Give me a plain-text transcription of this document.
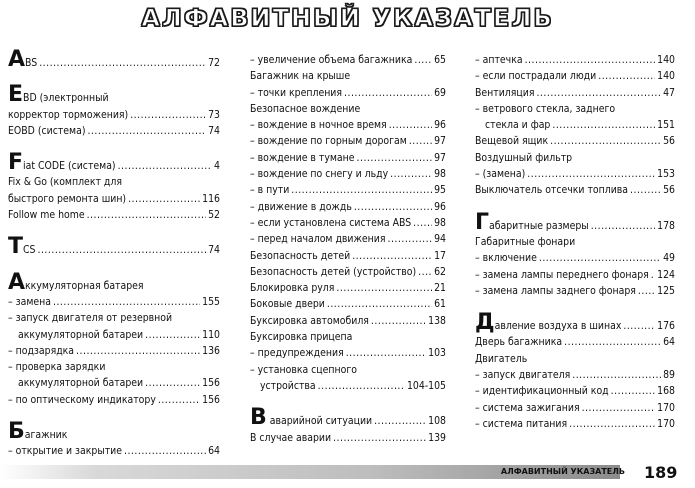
АЛФАВИТНЫЙ УКАЗАТЕЛЬ
ABS .....	72
E BD (электронный
корректор торможения) .....	73
EOBD (система) .....	74
Fiat CODE (система) .....	4
Fix & Go (комплект для
быстрого ремонта шин) .....	116
Follow me home .....	52
TCS .....	74
А ккумуляторная батарея
– замена .....	155
– запуск двигателя от резервной
аккумуляторной батареи .....	110
– подзарядка .....	136
– проверка зарядки
аккумуляторной батареи .....	156
– по оптическому индикатору .....	156
Б агажник
– открытие и закрытие .....	64
– увеличение объема багажника ..... 65
Багажник на крыше
– точки крепления .....	69
Безопасное вождение
– вождение в ночное время .....	96
– вождение по горным дорогам .....	97
– вождение в тумане .....	97
– вождение по снегу и льду .....	98
– в пути .....	95
– движение в дождь .....	96
– если установлена система ABS ..... 98
– перед началом движения .....	94
Безопасность детей .....	17
Безопасность детей (устройство) ..... 62
Блокировка руля .....	21
Боковые двери .....	61
Буксировка автомобиля .....	138
Буксировка прицепа
– предупреждения .....	103
– установка сцепного
устройства .....	104-105
В аварийной ситуации .....	108
В случае аварии .....	139
– аптечка .....	140
– если пострадали люди .....	140
Вентиляция .....	47
– ветрового стекла, заднего
стекла и фар .....	151
Вещевой ящик .....	56
Воздушный фильтр
– (замена) .....	153
Выключатель отсечки топлива .....	56
Габаритные размеры .....	178
Габаритные фонари
– включение .....	49
– замена лампы переднего фонаря ..... 124
– замена лампы заднего фонаря ..... 125
Давление воздуха в шинах .....	176
Дверь багажника .....	64
Двигатель
– запуск двигателя .....	89
– идентификационный код .....	168
– система зажигания .....	170
– система питания .....	170
АЛФАВИТНЫЙ УКАЗАТЕЛЬ 189
